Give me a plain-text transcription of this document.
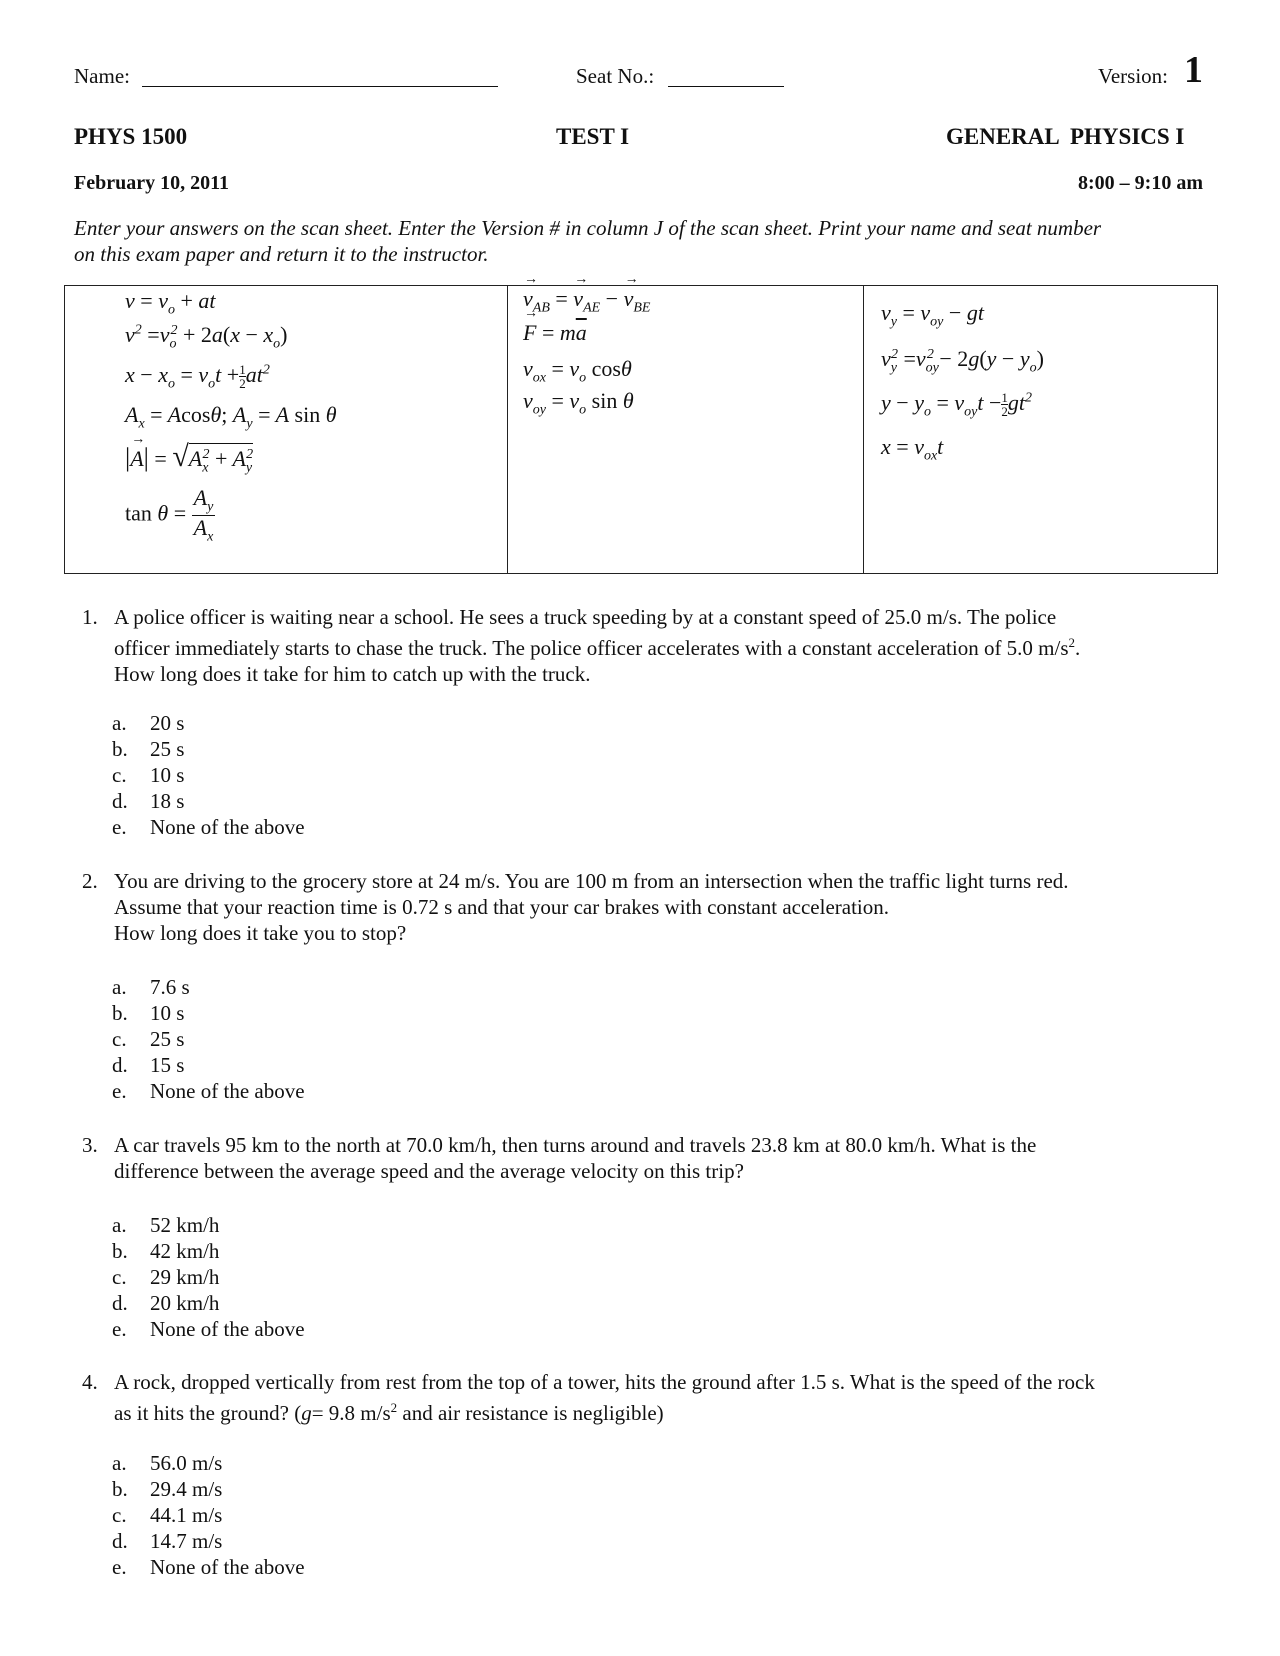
Name:	Seat No.:	Version: 1
PHYS 1500	TEST I	GENERAL  PHYSICS I
February 10, 2011	8:00 – 9:10 am
Enter your answers on the scan sheet. Enter the Version # in column J of the scan sheet. Print your name and seat number
on this exam paper and return it to the instructor.
$v = v_o$ + at
$v^2 =v_o^2 + 2a(x - x_o)$
$x - x_o = v_ot + \frac{1}{2} at^2$
$A_x = Acos\theta$; $A_y = A$ sin θ
|→ $A| = √A_x^2 + A_y^2$
$\tan \theta = \frac{A_y}{A_x}$
→ $v_{AB}$ = → $v_{AE}$ − → $v_{BE}$
→ $F = m\overline{a}$
$v_{ox} = v_o$ cosθ
$v_{oy} = v_o$ sin θ
$v_y = v_{oy}$ − gt
$v_y^2 =v_{oy}^2 - 2g(y - y_o)$
$y - y_o = v_{oy}t - \frac{1}{2} gt^2$
$x = v_{ox}t$
1. A police officer is waiting near a school. He sees a truck speeding by at a constant speed of 25.0 m/s. The police
officer immediately starts to chase the truck. The police officer accelerates with a constant acceleration of 5.0 $m/s^2$.
How long does it take for him to catch up with the truck.
a. 20 s
b. 25 s
c. 10 s
d. 18 s
e. None of the above
2. You are driving to the grocery store at 24 m/s. You are 100 m from an intersection when the traffic light turns red.
Assume that your reaction time is 0.72 s and that your car brakes with constant acceleration.
How long does it take you to stop?
a. 7.6 s
b. 10 s
c. 25 s
d. 15 s
e. None of the above
3. A car travels 95 km to the north at 70.0 km/h, then turns around and travels 23.8 km at 80.0 km/h. What is the
difference between the average speed and the average velocity on this trip?
a. 52 km/h
b. 42 km/h
c. 29 km/h
d. 20 km/h
e. None of the above
4. A rock, dropped vertically from rest from the top of a tower, hits the ground after 1.5 s. What is the speed of the rock
as it hits the ground? (g= 9.8 $m/s^2$ and air resistance is negligible)
a. 56.0 m/s
b. 29.4 m/s
c. 44.1 m/s
d. 14.7 m/s
e. None of the above
